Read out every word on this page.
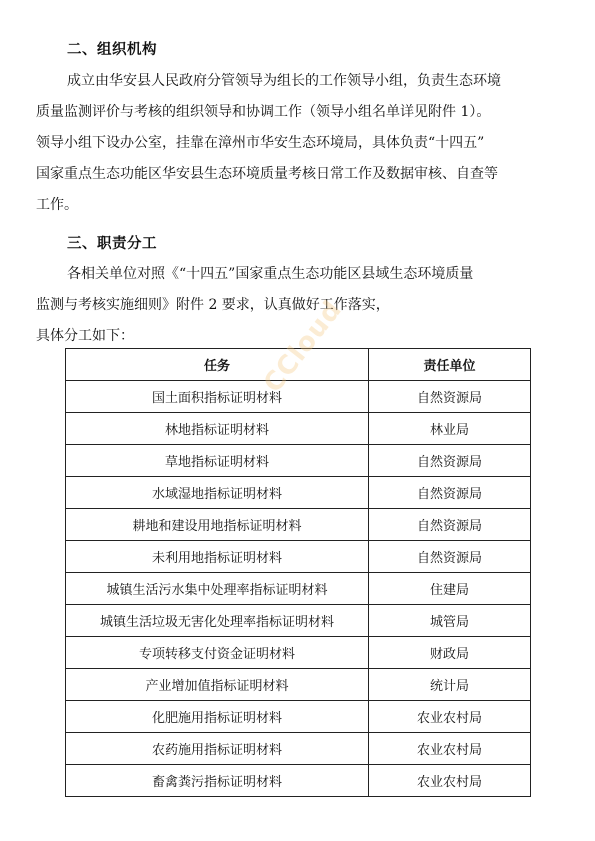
二、组织机构
成立由华安县人民政府分管领导为组长的工作领导小组，负责生态环境
质量监测评价与考核的组织领导和协调工作（领导小组名单详见附件 1）。
领导小组下设办公室，挂靠在漳州市华安生态环境局，具体负责“十四五”
国家重点生态功能区华安县生态环境质量考核日常工作及数据审核、自查等
工作。
三、职责分工
各相关单位对照《“十四五”国家重点生态功能区县域生态环境质量
监测与考核实施细则》附件 2 要求，认真做好工作落实，
具体分工如下：
任务	责任单位
国土面积指标证明材料	自然资源局
林地指标证明材料	林业局
草地指标证明材料	自然资源局
水域湿地指标证明材料	自然资源局
耕地和建设用地指标证明材料	自然资源局
未利用地指标证明材料	自然资源局
城镇生活污水集中处理率指标证明材料	住建局
城镇生活垃圾无害化处理率指标证明材料	城管局
专项转移支付资金证明材料	财政局
产业增加值指标证明材料	统计局
化肥施用指标证明材料	农业农村局
农药施用指标证明材料	农业农村局
畜禽粪污指标证明材料	农业农村局
CCloud
